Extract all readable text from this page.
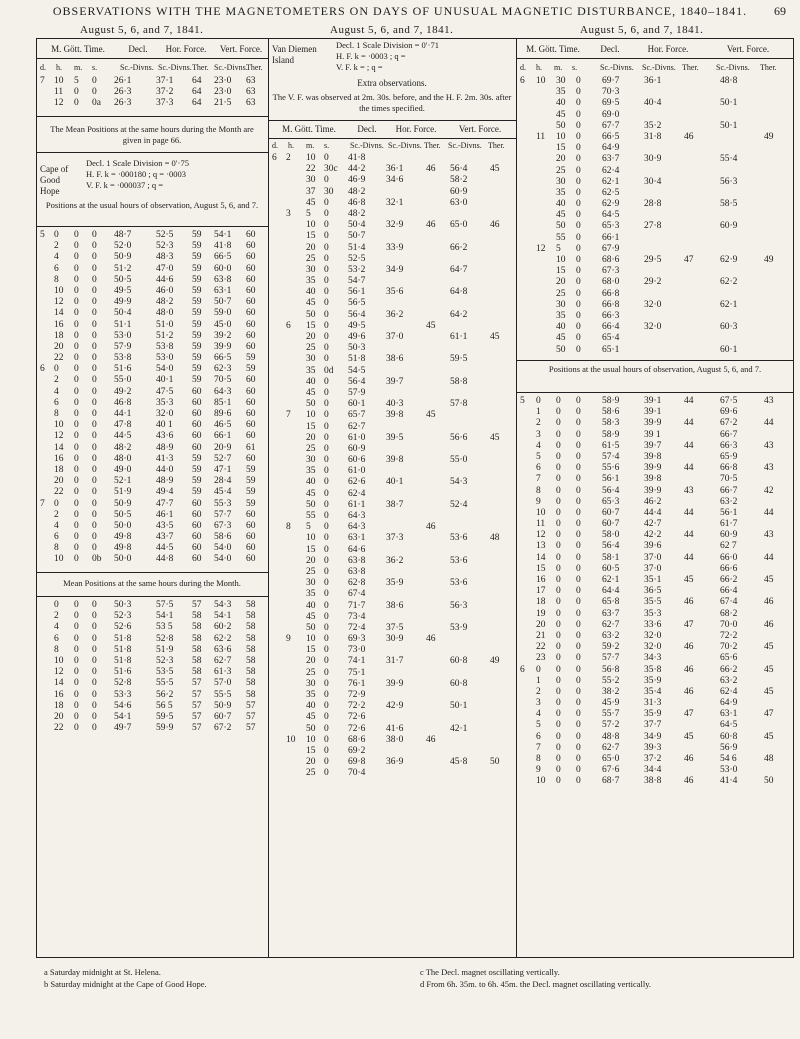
OBSERVATIONS WITH THE MAGNETOMETERS ON DAYS OF UNUSUAL MAGNETIC DISTURBANCE, 1840–1841.	69
August 5, 6, and 7, 1841.	August 5, 6, and 7, 1841.	August 5, 6, and 7, 1841.
M. Gött. Time.	Decl.	Hor. Force.	Vert. Force.
d. h. m. s.	Sc.-Divns. Sc.-Divns. Ther. Sc.-Divns.
Ther.
7 10 5 0 26·1	37·1 64 23·0 63
11 0 0 26·3	37·2 64 23·0 63
12 0 0a 26·3	37·3 64 21·5 63
The Mean Positions at the same hours during the Month are given in page 66.
Cape of Good Hope
Decl. 1 Scale Division = 0′·75
H. F. k = ·000180 ; q = ·0003
V. F. k = ·000037 ; q =
Positions at the usual hours of observation, August 5, 6, and 7.
5 0 0 0 48·7	52·5 59 54·1 60
2 0 0 52·0	52·3 59 41·8 60
4 0 0 50·9	48·3 59 66·5 60
6 0 0 51·2	47·0 59 60·0 60
8 0 0 50·5	44·6 59 63·8 60
10 0 0 49·5	46·0 59 63·1 60
12 0 0 49·9	48·2 59 50·7 60
14 0 0 50·4	48·0 59 59·0 60
16 0 0 51·1	51·0 59 45·0 60
18 0 0 53·0	51·2 59 39·2 60
20 0 0 57·9	53·8 59 39·9 60
22 0 0 53·8	53·0 59 66·5 59
6 0 0 0 51·6	54·0 59 62·3 59
2 0 0 55·0	40·1 59 70·5 60
4 0 0 49·2	47·5 60 64·3 60
6 0 0 46·8	35·3 60 85·1 60
8 0 0 44·1	32·0 60 89·6 60
10 0 0 47·8	40 1 60 46·5 60
12 0 0 44·5	43·6 60 66·1 60
14 0 0 48·2	48·9 60 20·9 61
16 0 0 48·0	41·3 59 52·7 60
18 0 0 49·0	44·0 59 47·1 59
20 0 0 52·1	48·9 59 28·4 59
22 0 0 51·9	49·4 59 45·4 59
7 0 0 0 50·9	47·7 60 55·3 59
2 0 0 50·5	46·1 60 57·7 60
4 0 0 50·0	43·5 60 67·3 60
6 0 0 49·8	43·7 60 58·6 60
8 0 0 49·8	44·5 60 54·0 60
10 0 0b 50·0	44·8 60 54·0 60
Mean Positions at the same hours during the Month.
0 0 0 50·3	57·5 57 54·3 58
2 0 0 52·3	54·1 58 54·1 58
4 0 0 52·6	53 5 58 60·2 58
6 0 0 51·8	52·8 58 62·2 58
8 0 0 51·8	51·9 58 63·6 58
10 0 0 51·8	52·3 58 62·7 58
12 0 0 51·6	53·5 58 61·3 58
14 0 0 52·8	55·5 57 57·0 58
16 0 0 53·3	56·2 57 55·5 58
18 0 0 54·6	56 5 57 50·9 57
20 0 0 54·1	59·5 57 60·7 57
22 0 0 49·7	59·9 57 67·2 57
Van Diemen Island
Decl. 1 Scale Division = 0′·71
H. F. k = ·0003 ; q =
V. F. k = ; q =
Extra observations.
The V. F. was observed at 2m. 30s. before, and the H. F. 2m. 30s. after the times specified.
M. Gött. Time.	Decl.	Hor. Force.	Vert. Force.
d. h. m. s.	Sc.-Divns. Sc.-Divns. Ther. Sc.-Divns. Ther.
6 2 10 0 41·8
22 30c 44·2 36·1 46 56·4 45
30 0 46·9 34·6	58·2
37 30 48·2	60·9
45 0 46·8 32·1	63·0
3 5 0 48·2
10 0 50·4 32·9 46 65·0 46
15 0 50·7
20 0 51·4 33·9	66·2
25 0 52·5
30 0 53·2 34·9	64·7
35 0 54·7
40 0 56·1 35·6	64·8
45 0 56·5
50 0 56·4 36·2	64·2
6 15 0 49·5	45
20 0 49·6 37·0	61·1 45
25 0 50·3
30 0 51·8 38·6	59·5
35 0d 54·5
40 0 56·4 39·7	58·8
45 0 57·9
50 0 60·1 40·3	57·8
7 10 0 65·7 39·8 45
15 0 62·7
20 0 61·0 39·5	56·6 45
25 0 60·9
30 0 60·6 39·8	55·0
35 0 61·0
40 0 62·6 40·1	54·3
45 0 62·4
50 0 61·1 38·7	52·4
55 0 64·3
8 5 0 64·3	46
10 0 63·1 37·3	53·6 48
15 0 64·6
20 0 63·8 36·2	53·6
25 0 63·8
30 0 62·8 35·9	53·6
35 0 67·4
40 0 71·7 38·6	56·3
45 0 73·4
50 0 72·4 37·5	53·9
9 10 0 69·3 30·9 46
15 0 73·0
20 0 74·1 31·7	60·8 49
25 0 75·1
30 0 76·1 39·9	60·8
35 0 72·9
40 0 72·2 42·9	50·1
45 0 72·6
50 0 72·6 41·6	42·1
10 10 0 68·6 38·0 46
15 0 69·2
20 0 69·8 36·9	45·8 50
25 0 70·4
M. Gött. Time.	Decl.	Hor. Force.	Vert. Force.
d. h. m. s.	Sc.-Divns. Sc.-Divns. Ther. Sc.-Divns. Ther.
6 10 30 0 69·7	36·1	48·8
35 0 70·3
40 0 69·5	40·4	50·1
45 0 69·0
50 0 67·7	35·2	50·1
11 10 0 66·5	31·8 46	49
15 0 64·9
20 0 63·7	30·9	55·4
25 0 62·4
30 0 62·1	30·4	56·3
35 0 62·5
40 0 62·9	28·8	58·5
45 0 64·5
50 0 65·3	27·8	60·9
55 0 66·1
12 5 0 67·9
10 0 68·6	29·5 47	62·9	49
15 0 67·3
20 0 68·0	29·2	62·2
25 0 66·8
30 0 66·8	32·0	62·1
35 0 66·3
40 0 66·4	32·0	60·3
45 0 65·4
50 0 65·1	60·1
Positions at the usual hours of observation, August 5, 6, and 7.
5 0 0 0 58·9	39·1 44	67·5	43
1 0 0 58·6	39·1	69·6
2 0 0 58·3	39·9 44	67·2	44
3 0 0 58·9	39 1	66·7
4 0 0 61·5	39·7 44	66·3	43
5 0 0 57·4	39·8	65·9
6 0 0 55·6	39·9 44	66·8	43
7 0 0 56·1	39·8	70·5
8 0 0 56·4	39·9 43	66·7	42
9 0 0 65·3	46·2	63·2
10 0 0 60·7	44·4 44	56·1	44
11 0 0 60·7	42·7	61·7
12 0 0 58·0	42·2 44	60·9	43
13 0 0 56·4	39·6	62 7
14 0 0 58·1	37·0 44	66·0	44
15 0 0 60·5	37·0	66·6
16 0 0 62·1	35·1 45	66·2	45
17 0 0 64·4	36·5	66·4
18 0 0 65·8	35·5 46	67·4	46
19 0 0 63·7	35·3	68·2
20 0 0 62·7	33·6 47	70·0	46
21 0 0 63·2	32·0	72·2
22 0 0 59·2	32·0 46	70·2	45
23 0 0 57·7	34·3	65·6
6 0 0 0 56·8	35·8 46	66·2	45
1 0 0 55·2	35·9	63·2
2 0 0 38·2	35·4 46	62·4	45
3 0 0 45·9	31·3	64·9
4 0 0 55·7	35·9 47	63·1	47
5 0 0 57·2	37·7	64·5
6 0 0 48·8	34·9 45	60·8	45
7 0 0 62·7	39·3	56·9
8 0 0 65·0	37·2 46	54 6	48
9 0 0 67·6	34·4	53·0
10 0 0 68·7	38·8 46	41·4	50
a Saturday midnight at St. Helena.
b Saturday midnight at the Cape of Good Hope.
c The Decl. magnet oscillating vertically.
d From 6h. 35m. to 6h. 45m. the Decl. magnet oscillating vertically.
